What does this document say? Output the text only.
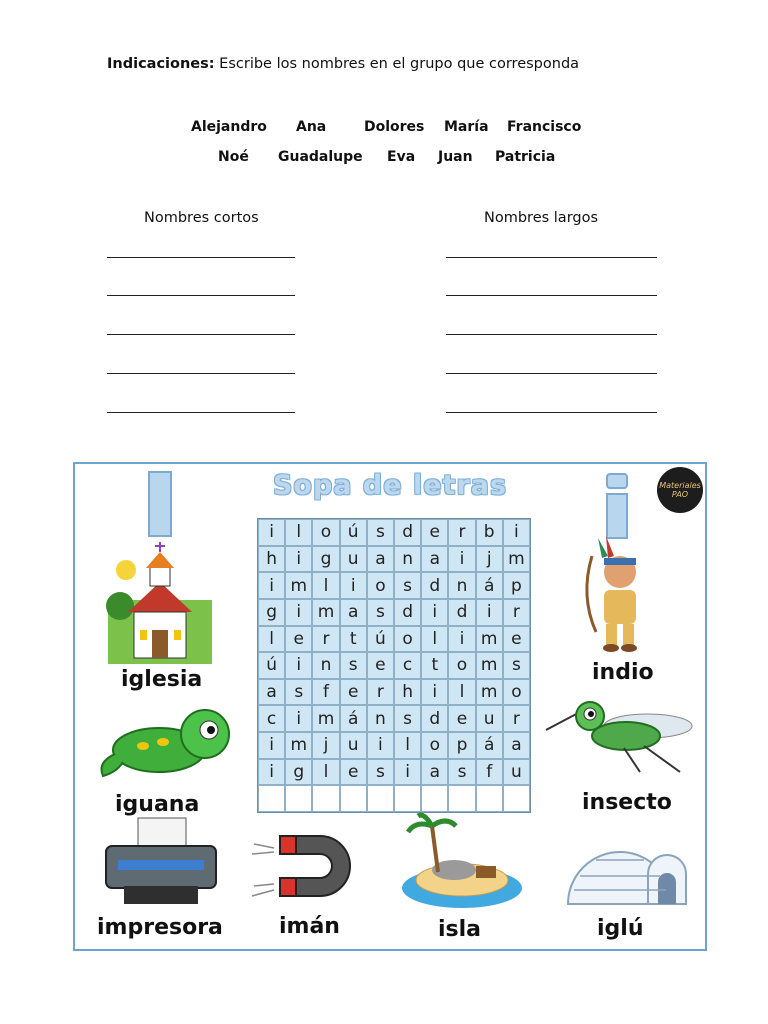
Indicaciones: Escribe los nombres en el grupo que corresponda
Alejandro Ana	Dolores María Francisco
Noé Guadalupe Eva Juan Patricia
Nombres cortos	Nombres largos
Sopa de letras	Materiales PAO
i	l	o ú	s	d e	r	b	i
h	i	g u a n a	i	j m
i m l	i	o	s	d n á p
g	i m a	s	d	i	d	i	r
l	e	r	t	ú o	l	i m e
ú	i	n	s	e	c	t	o m s
a	s	f	e	r	h	i	l m o
c	i m á n	s	d e u	r
i m j	u	i	l	o p á a
i	g	l	e	s	i	a	s	f	u
iglesia	indio
iguana	insecto
impresora	imán	isla	iglú
